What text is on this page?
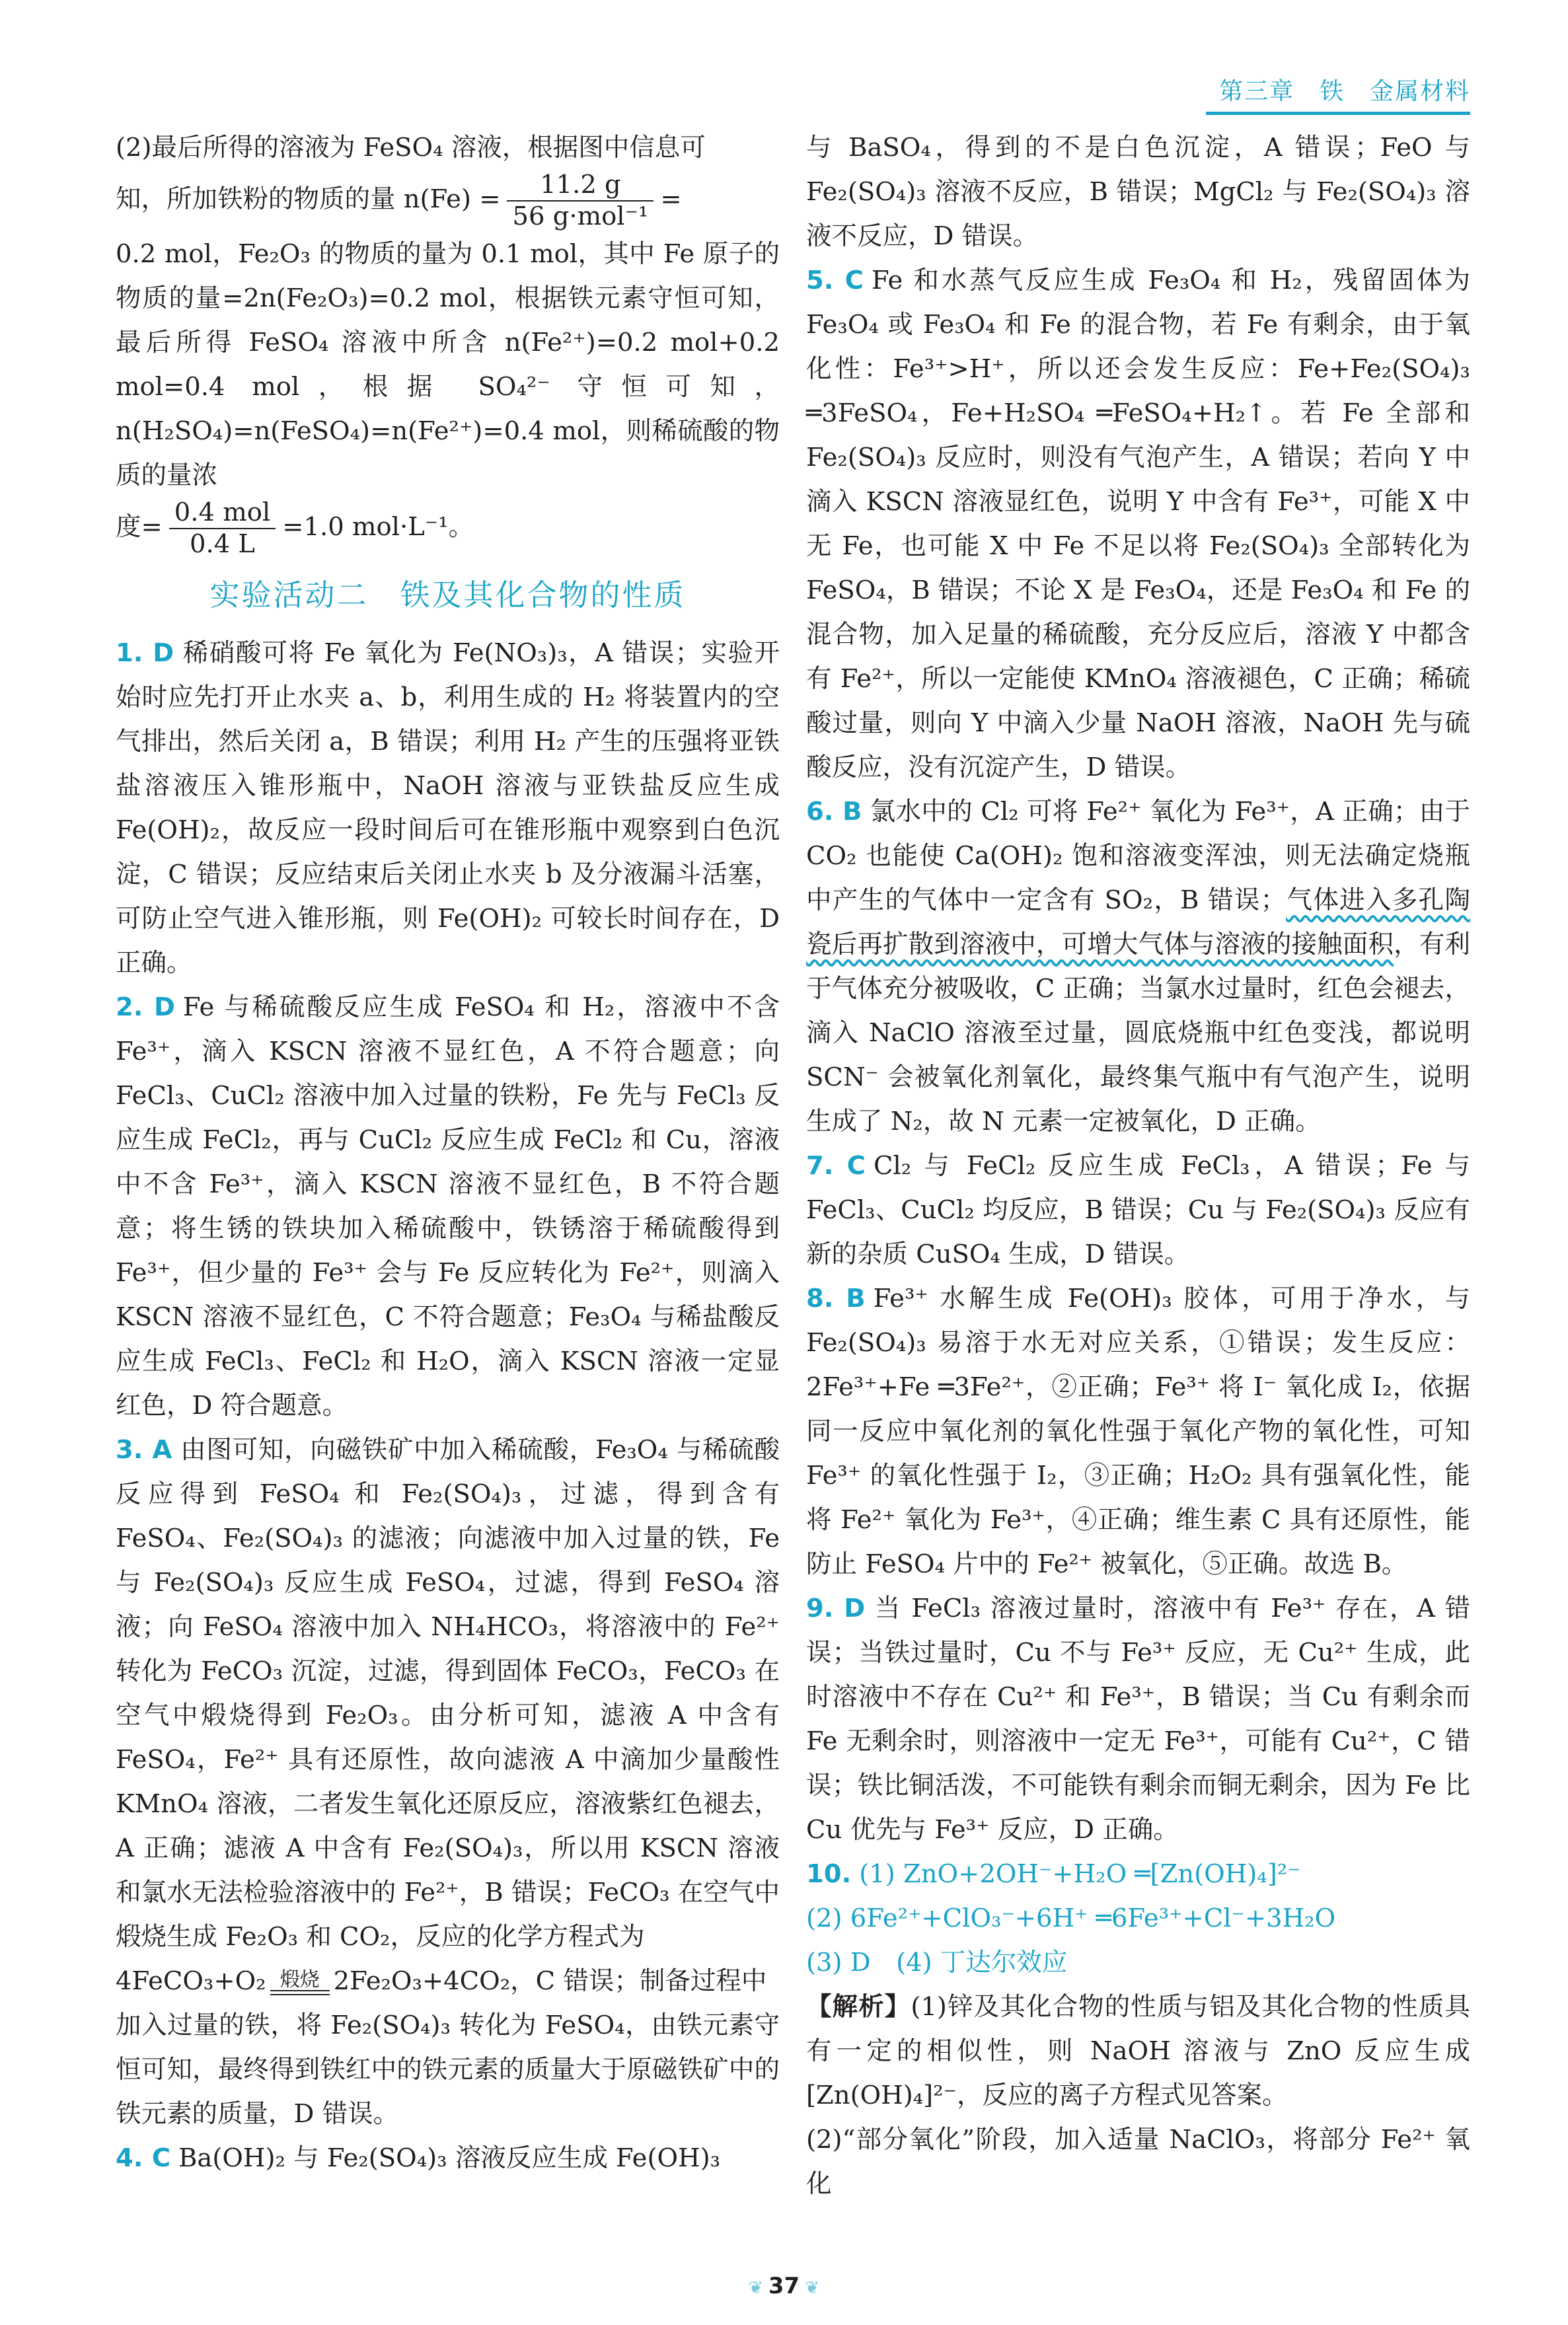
第三章　铁　金属材料

(2)最后所得的溶液为 FeSO₄ 溶液，根据图中信息可

知，所加铁粉的物质的量 $n(Fe) = \frac{11.2 g}{\text{56 g·mol⁻¹}}$ =

0.2 mol，Fe₂O₃ 的物质的量为 0.1 mol，其中 Fe 原子的物质的量=2n(Fe₂O₃)=0.2 mol，根据铁元素守恒可知，最后所得 FeSO₄ 溶液中所含 n(Fe²⁺)=0.2 mol+0.2 mol=0.4 mol，根据 SO₄²⁻ 守恒可知，n(H₂SO₄)=n(FeSO₄)=n(Fe²⁺)=0.4 mol，则稀硫酸的物质的量浓

度= $\frac{\text{0.4 mol}}{0.4 L} =1.0$ mol·L⁻¹。

实验活动二　铁及其化合物的性质

1. D 稀硝酸可将 Fe 氧化为 Fe(NO₃)₃，A 错误；实验开始时应先打开止水夹 a、b，利用生成的 H₂ 将装置内的空气排出，然后关闭 a，B 错误；利用 H₂ 产生的压强将亚铁盐溶液压入锥形瓶中，NaOH 溶液与亚铁盐反应生成 Fe(OH)₂，故反应一段时间后可在锥形瓶中观察到白色沉淀，C 错误；反应结束后关闭止水夹 b 及分液漏斗活塞，可防止空气进入锥形瓶，则 Fe(OH)₂ 可较长时间存在，D 正确。

2. D Fe 与稀硫酸反应生成 FeSO₄ 和 H₂，溶液中不含 Fe³⁺，滴入 KSCN 溶液不显红色，A 不符合题意；向 FeCl₃、CuCl₂ 溶液中加入过量的铁粉，Fe 先与 FeCl₃ 反应生成 FeCl₂，再与 CuCl₂ 反应生成 FeCl₂ 和 Cu，溶液中不含 Fe³⁺，滴入 KSCN 溶液不显红色，B 不符合题意；将生锈的铁块加入稀硫酸中，铁锈溶于稀硫酸得到 Fe³⁺，但少量的 Fe³⁺ 会与 Fe 反应转化为 Fe²⁺，则滴入 KSCN 溶液不显红色，C 不符合题意；Fe₃O₄ 与稀盐酸反应生成 FeCl₃、FeCl₂ 和 H₂O，滴入 KSCN 溶液一定显红色，D 符合题意。

3. A 由图可知，向磁铁矿中加入稀硫酸，Fe₃O₄ 与稀硫酸反应得到 FeSO₄ 和 Fe₂(SO₄)₃，过滤，得到含有 FeSO₄、Fe₂(SO₄)₃ 的滤液；向滤液中加入过量的铁，Fe 与 Fe₂(SO₄)₃ 反应生成 FeSO₄，过滤，得到 FeSO₄ 溶液；向 FeSO₄ 溶液中加入 NH₄HCO₃，将溶液中的 Fe²⁺ 转化为 FeCO₃ 沉淀，过滤，得到固体 FeCO₃，FeCO₃ 在空气中煅烧得到 Fe₂O₃。由分析可知，滤液 A 中含有 FeSO₄，Fe²⁺ 具有还原性，故向滤液 A 中滴加少量酸性 KMnO₄ 溶液，二者发生氧化还原反应，溶液紫红色褪去，A 正确；滤液 A 中含有 Fe₂(SO₄)₃，所以用 KSCN 溶液和氯水无法检验溶液中的 Fe²⁺，B 错误；FeCO₃ 在空气中煅烧生成 Fe₂O₃ 和 CO₂，反应的化学方程式为

4FeCO₃+O₂ 煅烧 2Fe₂O₃+4CO₂，C 错误；制备过程中

加入过量的铁，将 Fe₂(SO₄)₃ 转化为 FeSO₄，由铁元素守恒可知，最终得到铁红中的铁元素的质量大于原磁铁矿中的铁元素的质量，D 错误。

4. C Ba(OH)₂ 与 Fe₂(SO₄)₃ 溶液反应生成 Fe(OH)₃

与 BaSO₄，得到的不是白色沉淀，A 错误；FeO 与 Fe₂(SO₄)₃ 溶液不反应，B 错误；MgCl₂ 与 Fe₂(SO₄)₃ 溶液不反应，D 错误。

5. C Fe 和水蒸气反应生成 Fe₃O₄ 和 H₂，残留固体为 Fe₃O₄ 或 Fe₃O₄ 和 Fe 的混合物，若 Fe 有剩余，由于氧化性：Fe³⁺>H⁺，所以还会发生反应：Fe+Fe₂(SO₄)₃ ═3FeSO₄，Fe+H₂SO₄ ═FeSO₄+H₂↑。若 Fe 全部和 Fe₂(SO₄)₃ 反应时，则没有气泡产生，A 错误；若向 Y 中滴入 KSCN 溶液显红色，说明 Y 中含有 Fe³⁺，可能 X 中无 Fe，也可能 X 中 Fe 不足以将 Fe₂(SO₄)₃ 全部转化为 FeSO₄，B 错误；不论 X 是 Fe₃O₄，还是 Fe₃O₄ 和 Fe 的混合物，加入足量的稀硫酸，充分反应后，溶液 Y 中都含有 Fe²⁺，所以一定能使 KMnO₄ 溶液褪色，C 正确；稀硫酸过量，则向 Y 中滴入少量 NaOH 溶液，NaOH 先与硫酸反应，没有沉淀产生，D 错误。

6. B 氯水中的 Cl₂ 可将 Fe²⁺ 氧化为 Fe³⁺，A 正确；由于 CO₂ 也能使 Ca(OH)₂ 饱和溶液变浑浊，则无法确定烧瓶中产生的气体中一定含有 SO₂，B 错误；气体进入多孔陶瓷后再扩散到溶液中，可增大气体与溶液的接触面积，有利于气体充分被吸收，C 正确；当氯水过量时，红色会褪去，滴入 NaClO 溶液至过量，圆底烧瓶中红色变浅，都说明 SCN⁻ 会被氧化剂氧化，最终集气瓶中有气泡产生，说明生成了 N₂，故 N 元素一定被氧化，D 正确。

7. C Cl₂ 与 FeCl₂ 反应生成 FeCl₃，A 错误；Fe 与 FeCl₃、CuCl₂ 均反应，B 错误；Cu 与 Fe₂(SO₄)₃ 反应有新的杂质 CuSO₄ 生成，D 错误。

8. B Fe³⁺ 水解生成 Fe(OH)₃ 胶体，可用于净水，与 Fe₂(SO₄)₃ 易溶于水无对应关系，①错误；发生反应：2Fe³⁺+Fe ═3Fe²⁺，②正确；Fe³⁺ 将 I⁻ 氧化成 I₂，依据同一反应中氧化剂的氧化性强于氧化产物的氧化性，可知 Fe³⁺ 的氧化性强于 I₂，③正确；H₂O₂ 具有强氧化性，能将 Fe²⁺ 氧化为 Fe³⁺，④正确；维生素 C 具有还原性，能防止 FeSO₄ 片中的 Fe²⁺ 被氧化，⑤正确。故选 B。

9. D 当 FeCl₃ 溶液过量时，溶液中有 Fe³⁺ 存在，A 错误；当铁过量时，Cu 不与 Fe³⁺ 反应，无 Cu²⁺ 生成，此时溶液中不存在 Cu²⁺ 和 Fe³⁺，B 错误；当 Cu 有剩余而 Fe 无剩余时，则溶液中一定无 Fe³⁺，可能有 Cu²⁺，C 错误；铁比铜活泼，不可能铁有剩余而铜无剩余，因为 Fe 比 Cu 优先与 Fe³⁺ 反应，D 正确。

10. (1) ZnO+2OH⁻+H₂O ═[Zn(OH)₄]²⁻

(2) 6Fe²⁺+ClO₃⁻+6H⁺ ═6Fe³⁺+Cl⁻+3H₂O

(3) D　(4) 丁达尔效应

【解析】(1)锌及其化合物的性质与铝及其化合物的性质具有一定的相似性，则 NaOH 溶液与 ZnO 反应生成[Zn(OH)₄]²⁻，反应的离子方程式见答案。

(2)“部分氧化”阶段，加入适量 NaClO₃，将部分 Fe²⁺ 氧化

❦ 37 ❦
